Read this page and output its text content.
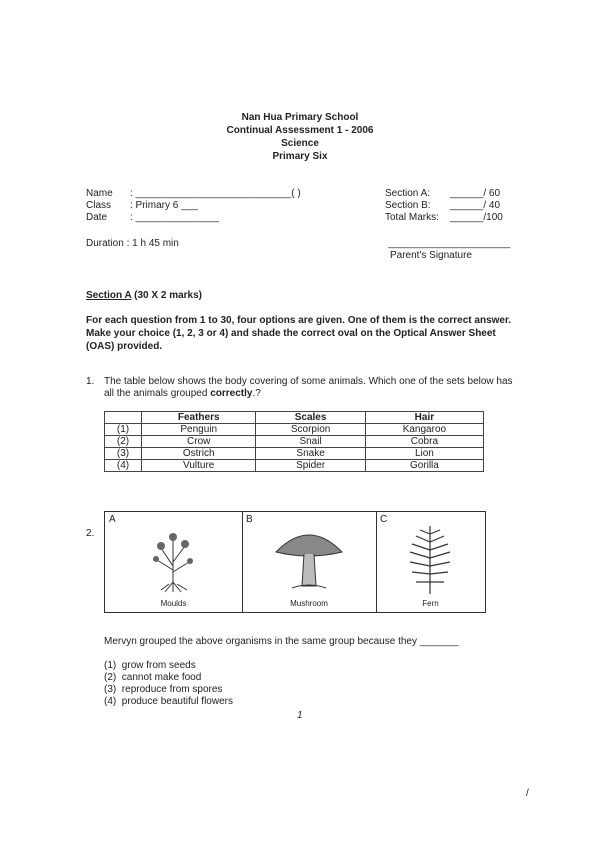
Nan Hua Primary School
Continual Assessment 1 - 2006
Science
Primary Six
Name : ____________________________( )
Class : Primary 6 ___
Date : _______________
Duration : 1 h 45 min
Section A: ______/ 60
Section B: ______/ 40
Total Marks: ______/100
______________________
Parent's Signature
Section A (30 X 2 marks)
For each question from 1 to 30, four options are given. One of them is the correct answer. Make your choice (1, 2, 3 or 4) and shade the correct oval on the Optical Answer Sheet (OAS) provided.
1. The table below shows the body covering of some animals. Which one of the sets below has all the animals grouped correctly.?
	Feathers	Scales	Hair
(1)	Penguin	Scorpion	Kangaroo
(2)	Crow	Snail	Cobra
(3)	Ostrich	Snake	Lion
(4)	Vulture	Spider	Gorilla
2.
A
Moulds
B
Mushroom
C
Fern
Mervyn grouped the above organisms in the same group because they _______
(1) grow from seeds
(2) cannot make food
(3) reproduce from spores
(4) produce beautiful flowers
1
/
